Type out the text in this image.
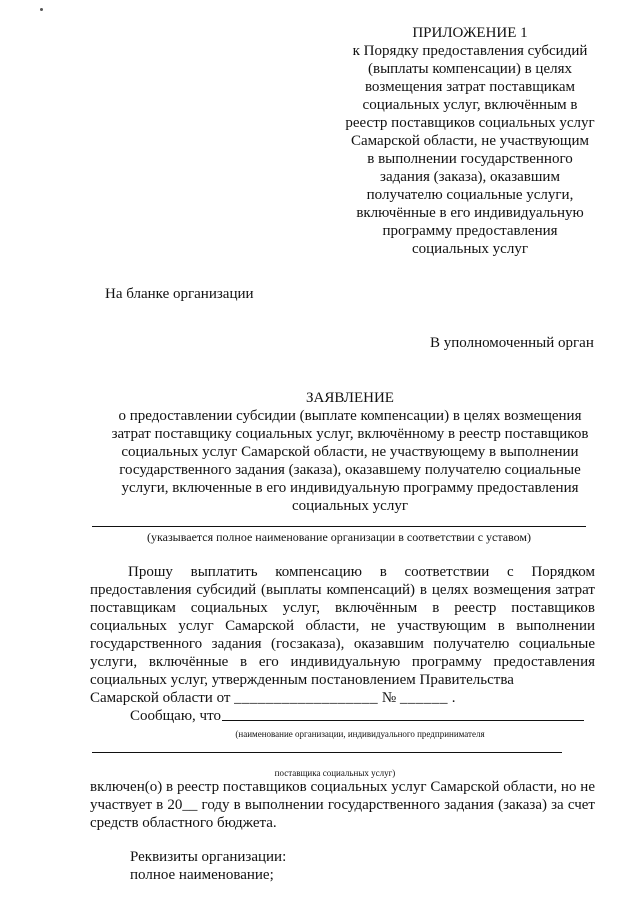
ПРИЛОЖЕНИЕ 1
к Порядку предоставления субсидий
(выплаты компенсации) в целях
возмещения затрат поставщикам
социальных услуг, включённым в
реестр поставщиков социальных услуг
Самарской области, не участвующим
в выполнении государственного
задания (заказа), оказавшим
получателю социальные услуги,
включённые в его индивидуальную
программу предоставления
социальных услуг
На бланке организации
В уполномоченный орган
ЗАЯВЛЕНИЕ
о предоставлении субсидии (выплате компенсации) в целях возмещения
затрат поставщику социальных услуг, включённому в реестр поставщиков
социальных услуг Самарской области, не участвующему в выполнении
государственного задания (заказа), оказавшему получателю социальные
услуги, включенные в его индивидуальную программу предоставления
социальных услуг
(указывается полное наименование организации в соответствии с уставом)
Прошу выплатить компенсацию в соответствии с Порядком предоставления субсидий (выплаты компенсаций) в целях возмещения затрат поставщикам социальных услуг, включённым в реестр поставщиков социальных услуг Самарской области, не участвующим в выполнении государственного задания (госзаказа), оказавшим получателю социальные услуги, включённые в его индивидуальную программу предоставления социальных услуг, утвержденным постановлением Правительства
Самарской области от __________________ № ______ .
Сообщаю, что
(наименование организации, индивидуального предпринимателя
поставщика социальных услуг)
включен(о) в реестр поставщиков социальных услуг Самарской области, но не участвует в 20__ году в выполнении государственного задания (заказа) за счет средств областного бюджета.
Реквизиты организации:
полное наименование;
